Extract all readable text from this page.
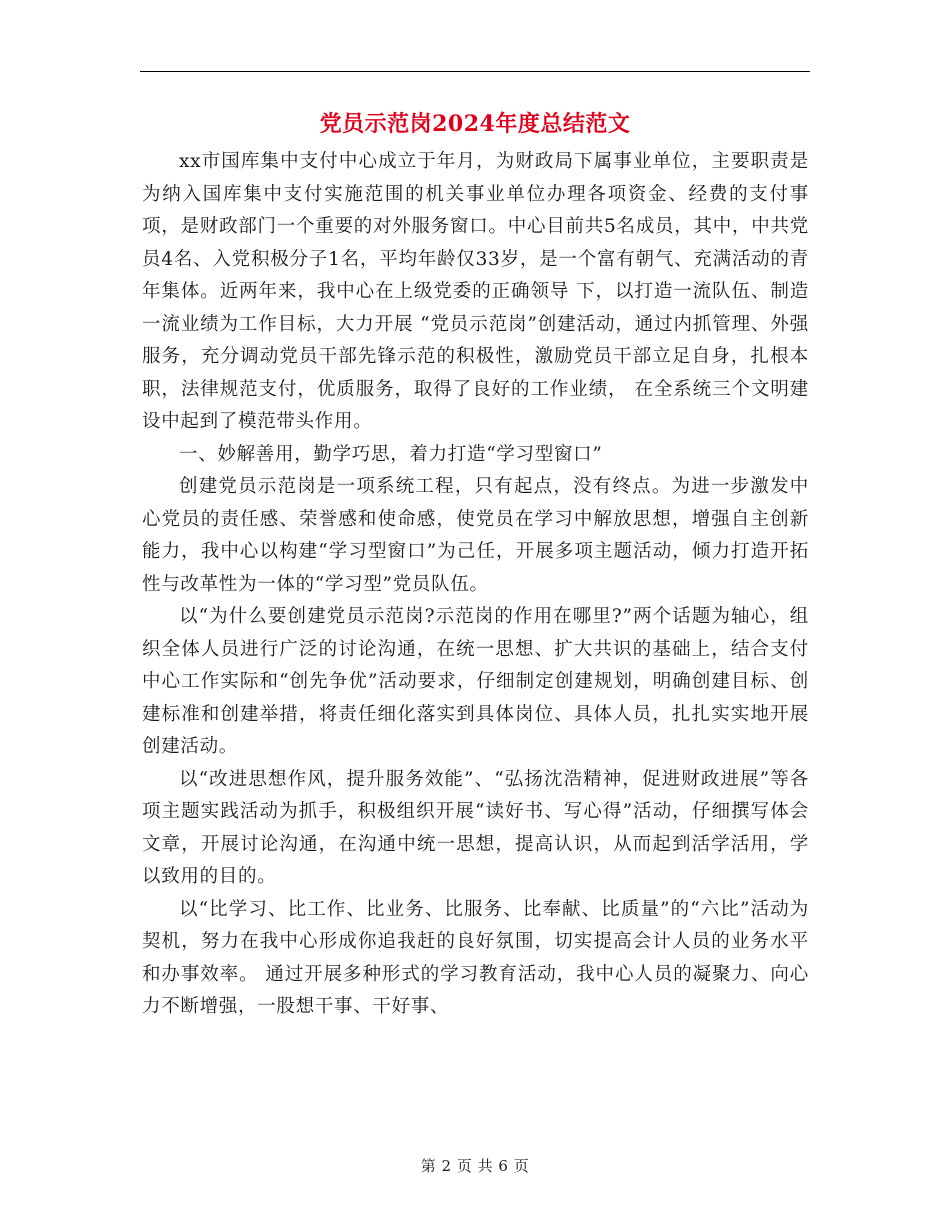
党员示范岗2024年度总结范文

xx市国库集中支付中心成立于年月，为财政局下属事业单位，主要职责是为纳入国库集中支付实施范围的机关事业单位办理各项资金、经费的支付事项，是财政部门一个重要的对外服务窗口。中心目前共5名成员，其中，中共党员4名、入党积极分子1名，平均年龄仅33岁，是一个富有朝气、充满活动的青年集体。近两年来，我中心在上级党委的正确领导 下，以打造一流队伍、制造一流业绩为工作目标，大力开展 “党员示范岗”创建活动，通过内抓管理、外强服务，充分调动党员干部先锋示范的积极性，激励党员干部立足自身，扎根本职，法律规范支付，优质服务，取得了良好的工作业绩， 在全系统三个文明建设中起到了模范带头作用。

一、妙解善用，勤学巧思，着力打造“学习型窗口”

创建党员示范岗是一项系统工程，只有起点，没有终点。为进一步激发中心党员的责任感、荣誉感和使命感，使党员在学习中解放思想，增强自主创新能力，我中心以构建“学习型窗口”为己任，开展多项主题活动，倾力打造开拓性与改革性为一体的“学习型”党员队伍。

以“为什么要创建党员示范岗?示范岗的作用在哪里?”两个话题为轴心，组织全体人员进行广泛的讨论沟通，在统一思想、扩大共识的基础上，结合支付中心工作实际和“创先争优”活动要求，仔细制定创建规划，明确创建目标、创建标准和创建举措，将责任细化落实到具体岗位、具体人员，扎扎实实地开展创建活动。

以“改进思想作风，提升服务效能”、“弘扬沈浩精神，促进财政进展”等各项主题实践活动为抓手，积极组织开展“读好书、写心得”活动，仔细撰写体会文章，开展讨论沟通，在沟通中统一思想，提高认识，从而起到活学活用，学以致用的目的。

以“比学习、比工作、比业务、比服务、比奉献、比质量”的“六比”活动为契机，努力在我中心形成你追我赶的良好氛围，切实提高会计人员的业务水平和办事效率。 通过开展多种形式的学习教育活动，我中心人员的凝聚力、向心力不断增强，一股想干事、干好事、

第 2 页 共 6 页
